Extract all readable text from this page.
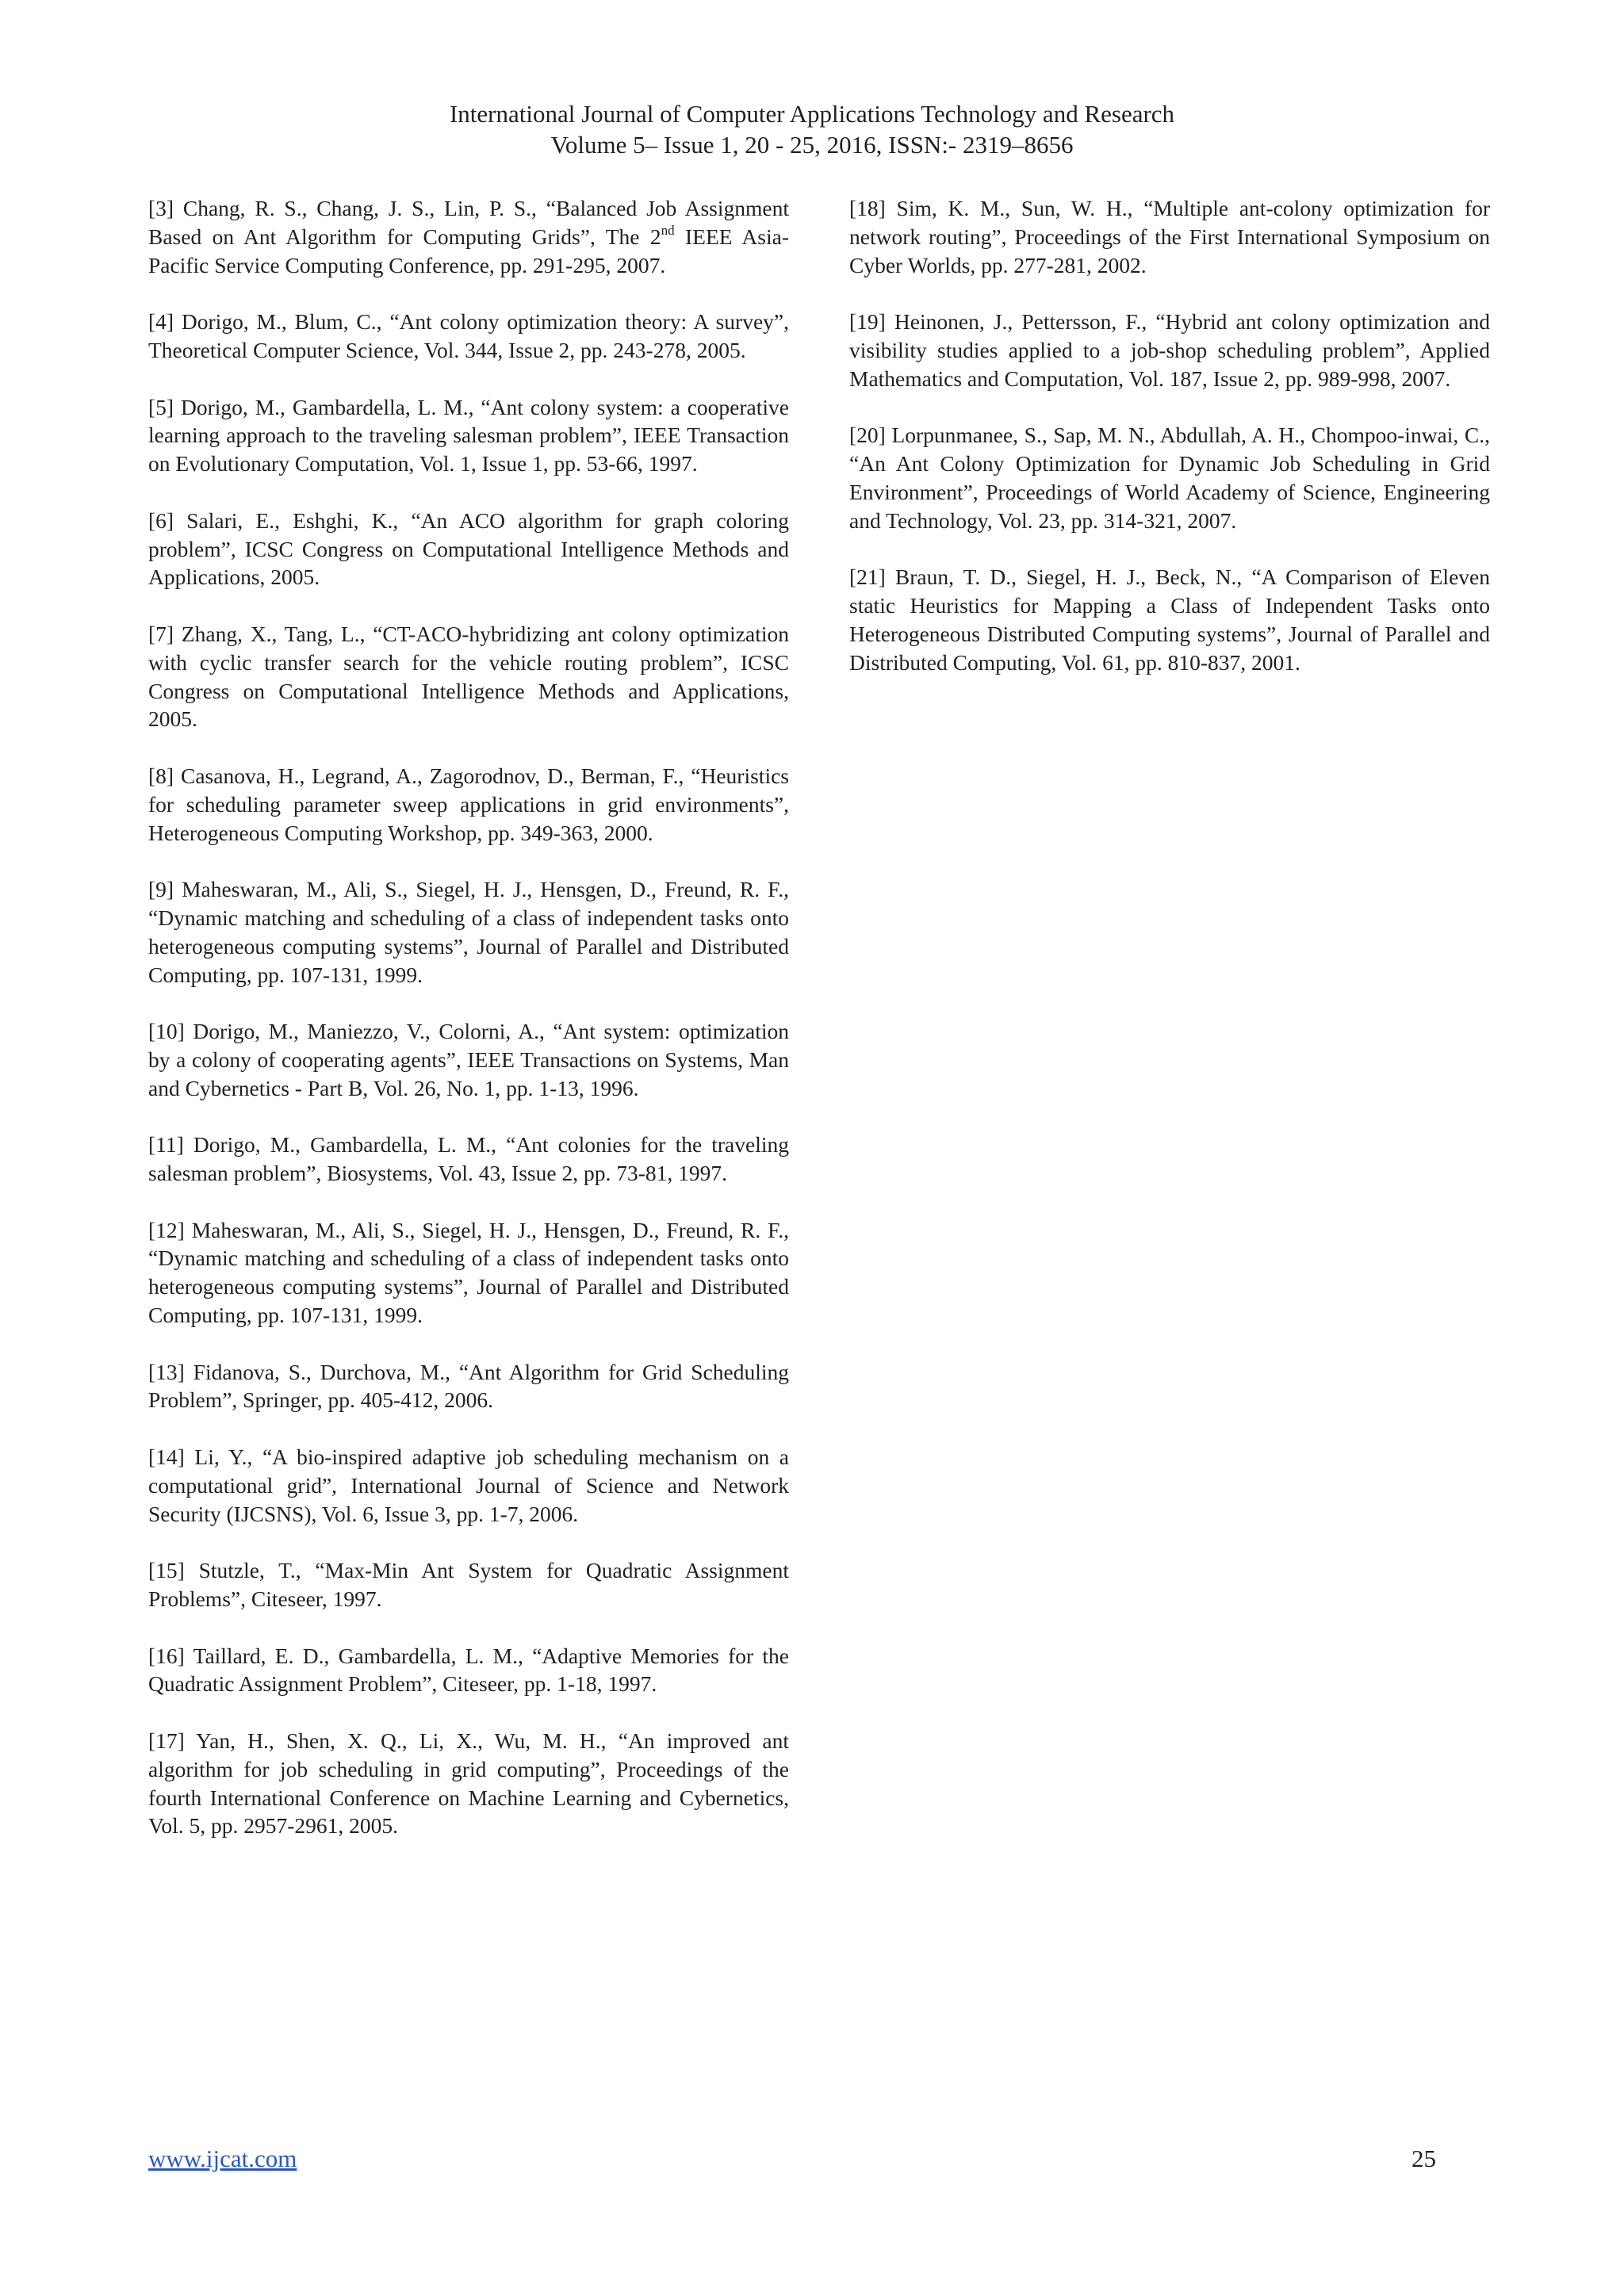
International Journal of Computer Applications Technology and Research
Volume 5– Issue 1, 20 - 25, 2016, ISSN:- 2319–8656

[3] Chang, R. S., Chang, J. S., Lin, P. S., “Balanced Job Assignment Based on Ant Algorithm for Computing Grids”, The 2nd IEEE Asia-Pacific Service Computing Conference, pp. 291-295, 2007.

[4] Dorigo, M., Blum, C., “Ant colony optimization theory: A survey”, Theoretical Computer Science, Vol. 344, Issue 2, pp. 243-278, 2005.

[5] Dorigo, M., Gambardella, L. M., “Ant colony system: a cooperative learning approach to the traveling salesman problem”, IEEE Transaction on Evolutionary Computation, Vol. 1, Issue 1, pp. 53-66, 1997.

[6] Salari, E., Eshghi, K., “An ACO algorithm for graph coloring problem”, ICSC Congress on Computational Intelligence Methods and Applications, 2005.

[7] Zhang, X., Tang, L., “CT-ACO-hybridizing ant colony optimization with cyclic transfer search for the vehicle routing problem”, ICSC Congress on Computational Intelligence Methods and Applications, 2005.

[8] Casanova, H., Legrand, A., Zagorodnov, D., Berman, F., “Heuristics for scheduling parameter sweep applications in grid environments”, Heterogeneous Computing Workshop, pp. 349-363, 2000.

[9] Maheswaran, M., Ali, S., Siegel, H. J., Hensgen, D., Freund, R. F., “Dynamic matching and scheduling of a class of independent tasks onto heterogeneous computing systems”, Journal of Parallel and Distributed Computing, pp. 107-131, 1999.

[10] Dorigo, M., Maniezzo, V., Colorni, A., “Ant system: optimization by a colony of cooperating agents”, IEEE Transactions on Systems, Man and Cybernetics - Part B, Vol. 26, No. 1, pp. 1-13, 1996.

[11] Dorigo, M., Gambardella, L. M., “Ant colonies for the traveling salesman problem”, Biosystems, Vol. 43, Issue 2, pp. 73-81, 1997.

[12] Maheswaran, M., Ali, S., Siegel, H. J., Hensgen, D., Freund, R. F., “Dynamic matching and scheduling of a class of independent tasks onto heterogeneous computing systems”, Journal of Parallel and Distributed Computing, pp. 107-131, 1999.

[13] Fidanova, S., Durchova, M., “Ant Algorithm for Grid Scheduling Problem”, Springer, pp. 405-412, 2006.

[14] Li, Y., “A bio-inspired adaptive job scheduling mechanism on a computational grid”, International Journal of Science and Network Security (IJCSNS), Vol. 6, Issue 3, pp. 1-7, 2006.

[15] Stutzle, T., “Max-Min Ant System for Quadratic Assignment Problems”, Citeseer, 1997.

[16] Taillard, E. D., Gambardella, L. M., “Adaptive Memories for the Quadratic Assignment Problem”, Citeseer, pp. 1-18, 1997.

[17] Yan, H., Shen, X. Q., Li, X., Wu, M. H., “An improved ant algorithm for job scheduling in grid computing”, Proceedings of the fourth International Conference on Machine Learning and Cybernetics, Vol. 5, pp. 2957-2961, 2005.

[18] Sim, K. M., Sun, W. H., “Multiple ant-colony optimization for network routing”, Proceedings of the First International Symposium on Cyber Worlds, pp. 277-281, 2002.

[19] Heinonen, J., Pettersson, F., “Hybrid ant colony optimization and visibility studies applied to a job-shop scheduling problem”, Applied Mathematics and Computation, Vol. 187, Issue 2, pp. 989-998, 2007.

[20] Lorpunmanee, S., Sap, M. N., Abdullah, A. H., Chompoo-inwai, C., “An Ant Colony Optimization for Dynamic Job Scheduling in Grid Environment”, Proceedings of World Academy of Science, Engineering and Technology, Vol. 23, pp. 314-321, 2007.

[21] Braun, T. D., Siegel, H. J., Beck, N., “A Comparison of Eleven static Heuristics for Mapping a Class of Independent Tasks onto Heterogeneous Distributed Computing systems”, Journal of Parallel and Distributed Computing, Vol. 61, pp. 810-837, 2001.

www.ijcat.com	25
